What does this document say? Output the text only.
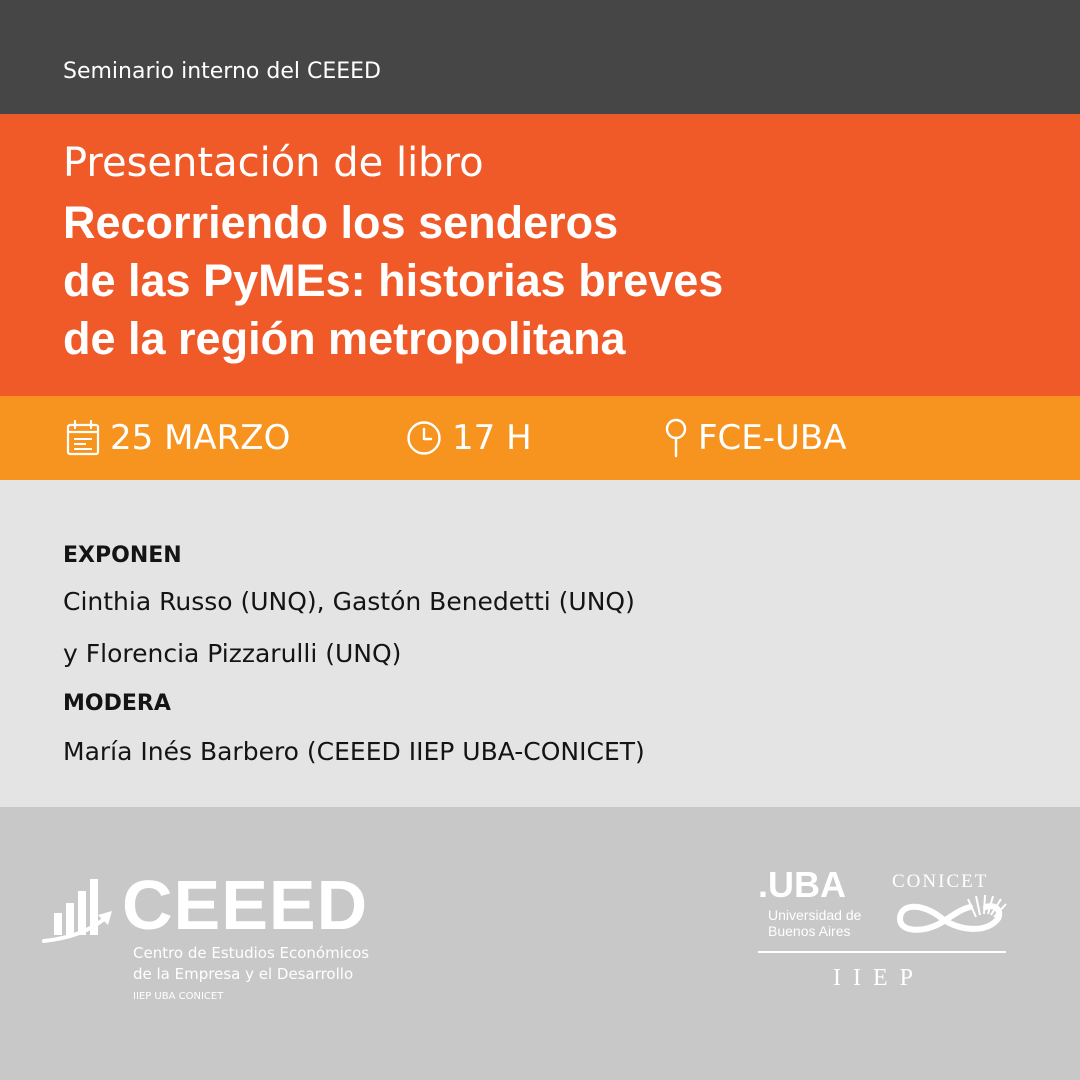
Seminario interno del CEEED
Presentación de libro
Recorriendo los senderos
de las PyMEs: historias breves
de la región metropolitana
25 MARZO	17 H	FCE-UBA
EXPONEN
Cinthia Russo (UNQ), Gastón Benedetti (UNQ)
y Florencia Pizzarulli (UNQ)
MODERA
María Inés Barbero (CEEED IIEP UBA-CONICET)
CEEED
Centro de Estudios Económicos
de la Empresa y el Desarrollo
IIEP UBA CONICET
.UBA
Universidad de
Buenos Aires
CONICET
IIEP
